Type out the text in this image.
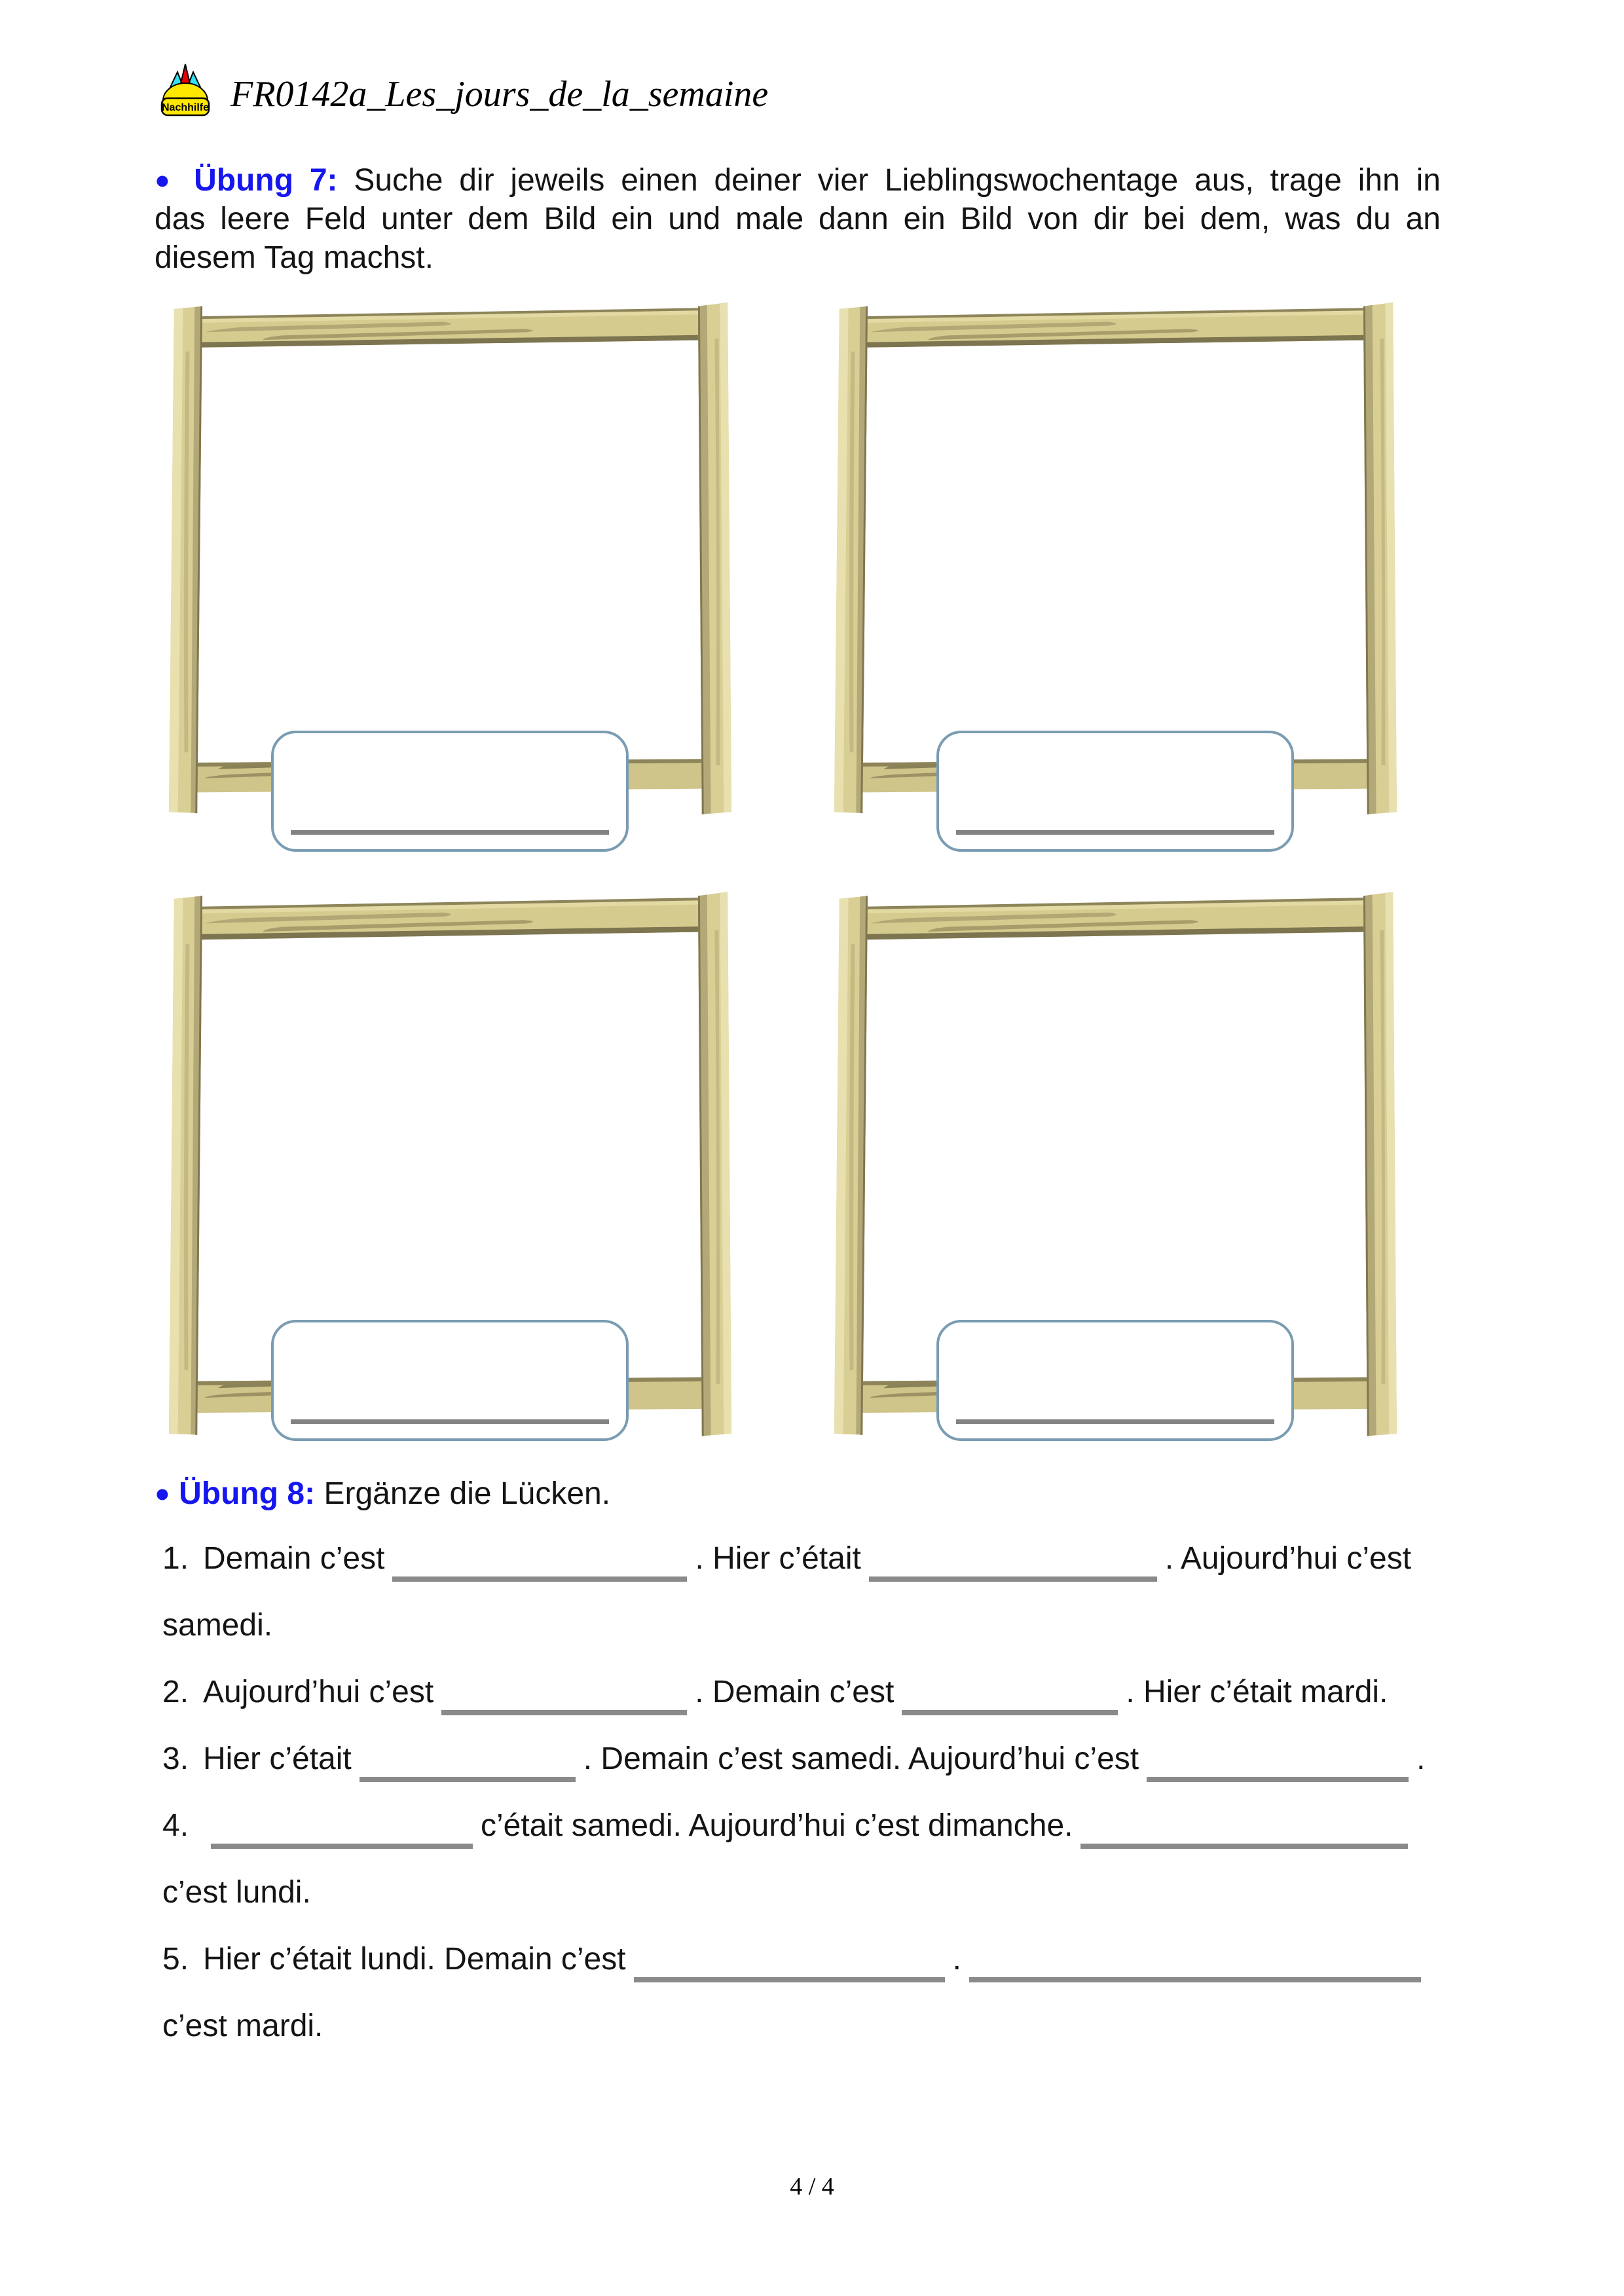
Nachhilfe FR0142a_Les_jours_de_la_semaine
● Übung 7: Suche dir jeweils einen deiner vier Lieblingswochentage aus, trage ihn in
das leere Feld unter dem Bild ein und male dann ein Bild von dir bei dem, was du an
diesem Tag machst.
● Übung 8: Ergänze die Lücken.
1. Demain c’est	. Hier c’était	. Aujourd’hui c’est
samedi.
2. Aujourd’hui c’est	. Demain c’est	. Hier c’était mardi.
3. Hier c’était	. Demain c’est samedi. Aujourd’hui c’est	.
4.	c’était samedi. Aujourd’hui c’est dimanche.
c’est lundi.
5. Hier c’était lundi. Demain c’est	.
c’est mardi.
4 / 4
